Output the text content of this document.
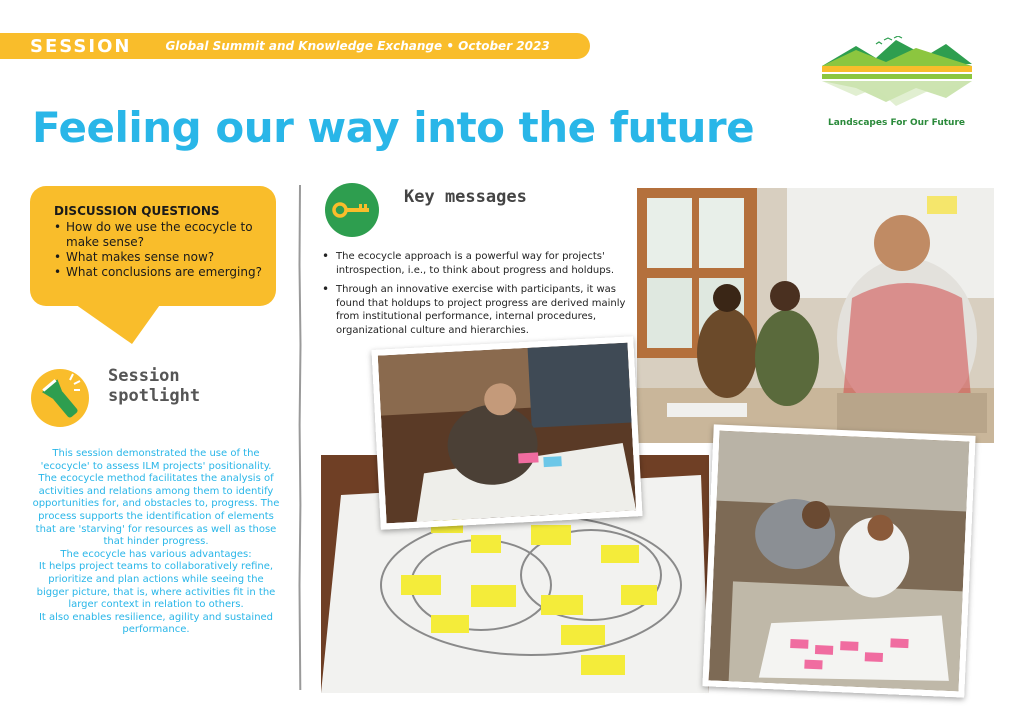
SESSION	Global Summit and Knowledge Exchange • October 2023
Landscapes For Our Future
Feeling our way into the future
DISCUSSION QUESTIONS
• How do we use the ecocycle to make sense?
• What makes sense now?
• What conclusions are emerging?
Session spotlight

This session demonstrated the use of the 'ecocycle' to assess ILM projects' positionality. The ecocycle method facilitates the analysis of activities and relations among them to identify opportunities for, and obstacles to, progress. The process supports the identification of elements that are 'starving' for resources as well as those that hinder progress.

The ecocycle has various advantages:

It helps project teams to collaboratively refine, prioritize and plan actions while seeing the bigger picture, that is, where activities fit in the larger context in relation to others.

It also enables resilience, agility and sustained performance.

Key messages
• The ecocycle approach is a powerful way for projects' introspection, i.e., to think about progress and holdups.
• Through an innovative exercise with participants, it was found that holdups to project progress are derived mainly from institutional performance, internal procedures, organizational culture and hierarchies.
